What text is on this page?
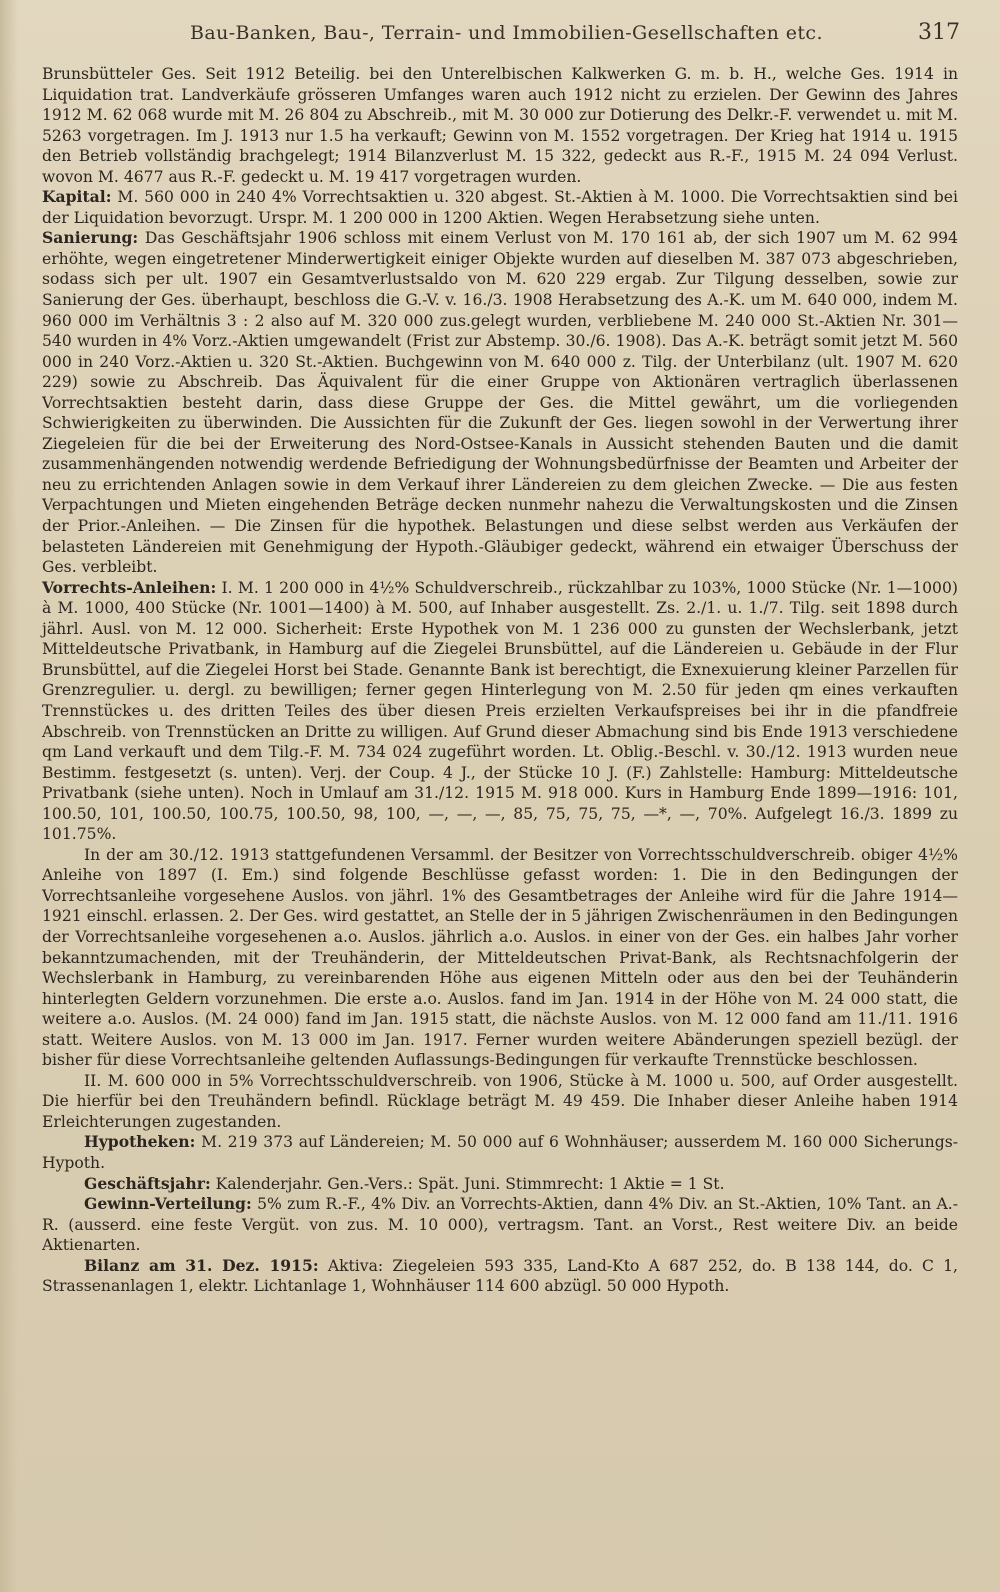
Bau-Banken, Bau-, Terrain- und Immobilien-Gesellschaften etc.	317

Brunsbütteler Ges. Seit 1912 Beteilig. bei den Unterelbischen Kalkwerken G. m. b. H., welche Ges. 1914 in Liquidation trat. Landverkäufe grösseren Umfanges waren auch 1912 nicht zu erzielen. Der Gewinn des Jahres 1912 M. 62 068 wurde mit M. 26 804 zu Abschreib., mit M. 30 000 zur Dotierung des Delkr.-F. verwendet u. mit M. 5263 vorgetragen. Im J. 1913 nur 1.5 ha verkauft; Gewinn von M. 1552 vorgetragen. Der Krieg hat 1914 u. 1915 den Betrieb vollständig brachgelegt; 1914 Bilanzverlust M. 15 322, gedeckt aus R.-F., 1915 M. 24 094 Verlust. wovon M. 4677 aus R.-F. gedeckt u. M. 19 417 vorgetragen wurden.

Kapital: M. 560 000 in 240 4% Vorrechtsaktien u. 320 abgest. St.-Aktien à M. 1000. Die Vorrechtsaktien sind bei der Liquidation bevorzugt. Urspr. M. 1 200 000 in 1200 Aktien. Wegen Herabsetzung siehe unten.

Sanierung: Das Geschäftsjahr 1906 schloss mit einem Verlust von M. 170 161 ab, der sich 1907 um M. 62 994 erhöhte, wegen eingetretener Minderwertigkeit einiger Objekte wurden auf dieselben M. 387 073 abgeschrieben, sodass sich per ult. 1907 ein Gesamtverlustsaldo von M. 620 229 ergab. Zur Tilgung desselben, sowie zur Sanierung der Ges. überhaupt, beschloss die G.-V. v. 16./3. 1908 Herabsetzung des A.-K. um M. 640 000, indem M. 960 000 im Verhältnis 3 : 2 also auf M. 320 000 zus.gelegt wurden, verbliebene M. 240 000 St.-Aktien Nr. 301—540 wurden in 4% Vorz.-Aktien umgewandelt (Frist zur Abstemp. 30./6. 1908). Das A.-K. beträgt somit jetzt M. 560 000 in 240 Vorz.-Aktien u. 320 St.-Aktien. Buchgewinn von M. 640 000 z. Tilg. der Unterbilanz (ult. 1907 M. 620 229) sowie zu Abschreib. Das Äquivalent für die einer Gruppe von Aktionären vertraglich überlassenen Vorrechtsaktien besteht darin, dass diese Gruppe der Ges. die Mittel gewährt, um die vorliegenden Schwierigkeiten zu überwinden. Die Aussichten für die Zukunft der Ges. liegen sowohl in der Verwertung ihrer Ziegeleien für die bei der Erweiterung des Nord-Ostsee-Kanals in Aussicht stehenden Bauten und die damit zusammenhängenden notwendig werdende Befriedigung der Wohnungsbedürfnisse der Beamten und Arbeiter der neu zu errichtenden Anlagen sowie in dem Verkauf ihrer Ländereien zu dem gleichen Zwecke. — Die aus festen Verpachtungen und Mieten eingehenden Beträge decken nunmehr nahezu die Verwaltungskosten und die Zinsen der Prior.-Anleihen. — Die Zinsen für die hypothek. Belastungen und diese selbst werden aus Verkäufen der belasteten Ländereien mit Genehmigung der Hypoth.-Gläubiger gedeckt, während ein etwaiger Überschuss der Ges. verbleibt.

Vorrechts-Anleihen: I. M. 1 200 000 in 4½% Schuldverschreib., rückzahlbar zu 103%, 1000 Stücke (Nr. 1—1000) à M. 1000, 400 Stücke (Nr. 1001—1400) à M. 500, auf Inhaber ausgestellt. Zs. 2./1. u. 1./7. Tilg. seit 1898 durch jährl. Ausl. von M. 12 000. Sicherheit: Erste Hypothek von M. 1 236 000 zu gunsten der Wechslerbank, jetzt Mitteldeutsche Privatbank, in Hamburg auf die Ziegelei Brunsbüttel, auf die Ländereien u. Gebäude in der Flur Brunsbüttel, auf die Ziegelei Horst bei Stade. Genannte Bank ist berechtigt, die Exnexuierung kleiner Parzellen für Grenzregulier. u. dergl. zu bewilligen; ferner gegen Hinterlegung von M. 2.50 für jeden qm eines verkauften Trennstückes u. des dritten Teiles des über diesen Preis erzielten Verkaufspreises bei ihr in die pfandfreie Abschreib. von Trennstücken an Dritte zu willigen. Auf Grund dieser Abmachung sind bis Ende 1913 verschiedene qm Land verkauft und dem Tilg.-F. M. 734 024 zugeführt worden. Lt. Oblig.-Beschl. v. 30./12. 1913 wurden neue Bestimm. festgesetzt (s. unten). Verj. der Coup. 4 J., der Stücke 10 J. (F.) Zahlstelle: Hamburg: Mitteldeutsche Privatbank (siehe unten). Noch in Umlauf am 31./12. 1915 M. 918 000. Kurs in Hamburg Ende 1899—1916: 101, 100.50, 101, 100.50, 100.75, 100.50, 98, 100, —, —, —, 85, 75, 75, 75, —*, —, 70%. Aufgelegt 16./3. 1899 zu 101.75%.

In der am 30./12. 1913 stattgefundenen Versamml. der Besitzer von Vorrechtsschuldverschreib. obiger 4½% Anleihe von 1897 (I. Em.) sind folgende Beschlüsse gefasst worden: 1. Die in den Bedingungen der Vorrechtsanleihe vorgesehene Auslos. von jährl. 1% des Gesamtbetrages der Anleihe wird für die Jahre 1914—1921 einschl. erlassen. 2. Der Ges. wird gestattet, an Stelle der in 5 jährigen Zwischenräumen in den Bedingungen der Vorrechtsanleihe vorgesehenen a.o. Auslos. jährlich a.o. Auslos. in einer von der Ges. ein halbes Jahr vorher bekanntzumachenden, mit der Treuhänderin, der Mitteldeutschen Privat-Bank, als Rechtsnachfolgerin der Wechslerbank in Hamburg, zu vereinbarenden Höhe aus eigenen Mitteln oder aus den bei der Teuhänderin hinterlegten Geldern vorzunehmen. Die erste a.o. Auslos. fand im Jan. 1914 in der Höhe von M. 24 000 statt, die weitere a.o. Auslos. (M. 24 000) fand im Jan. 1915 statt, die nächste Auslos. von M. 12 000 fand am 11./11. 1916 statt. Weitere Auslos. von M. 13 000 im Jan. 1917. Ferner wurden weitere Abänderungen speziell bezügl. der bisher für diese Vorrechtsanleihe geltenden Auflassungs-Bedingungen für verkaufte Trennstücke beschlossen.

II. M. 600 000 in 5% Vorrechtsschuldverschreib. von 1906, Stücke à M. 1000 u. 500, auf Order ausgestellt. Die hierfür bei den Treuhändern befindl. Rücklage beträgt M. 49 459. Die Inhaber dieser Anleihe haben 1914 Erleichterungen zugestanden.

Hypotheken: M. 219 373 auf Ländereien; M. 50 000 auf 6 Wohnhäuser; ausserdem M. 160 000 Sicherungs-Hypoth.

Geschäftsjahr: Kalenderjahr. Gen.-Vers.: Spät. Juni. Stimmrecht: 1 Aktie = 1 St.

Gewinn-Verteilung: 5% zum R.-F., 4% Div. an Vorrechts-Aktien, dann 4% Div. an St.-Aktien, 10% Tant. an A.-R. (ausserd. eine feste Vergüt. von zus. M. 10 000), vertragsm. Tant. an Vorst., Rest weitere Div. an beide Aktienarten.

Bilanz am 31. Dez. 1915: Aktiva: Ziegeleien 593 335, Land-Kto A 687 252, do. B 138 144, do. C 1, Strassenanlagen 1, elektr. Lichtanlage 1, Wohnhäuser 114 600 abzügl. 50 000 Hypoth.
